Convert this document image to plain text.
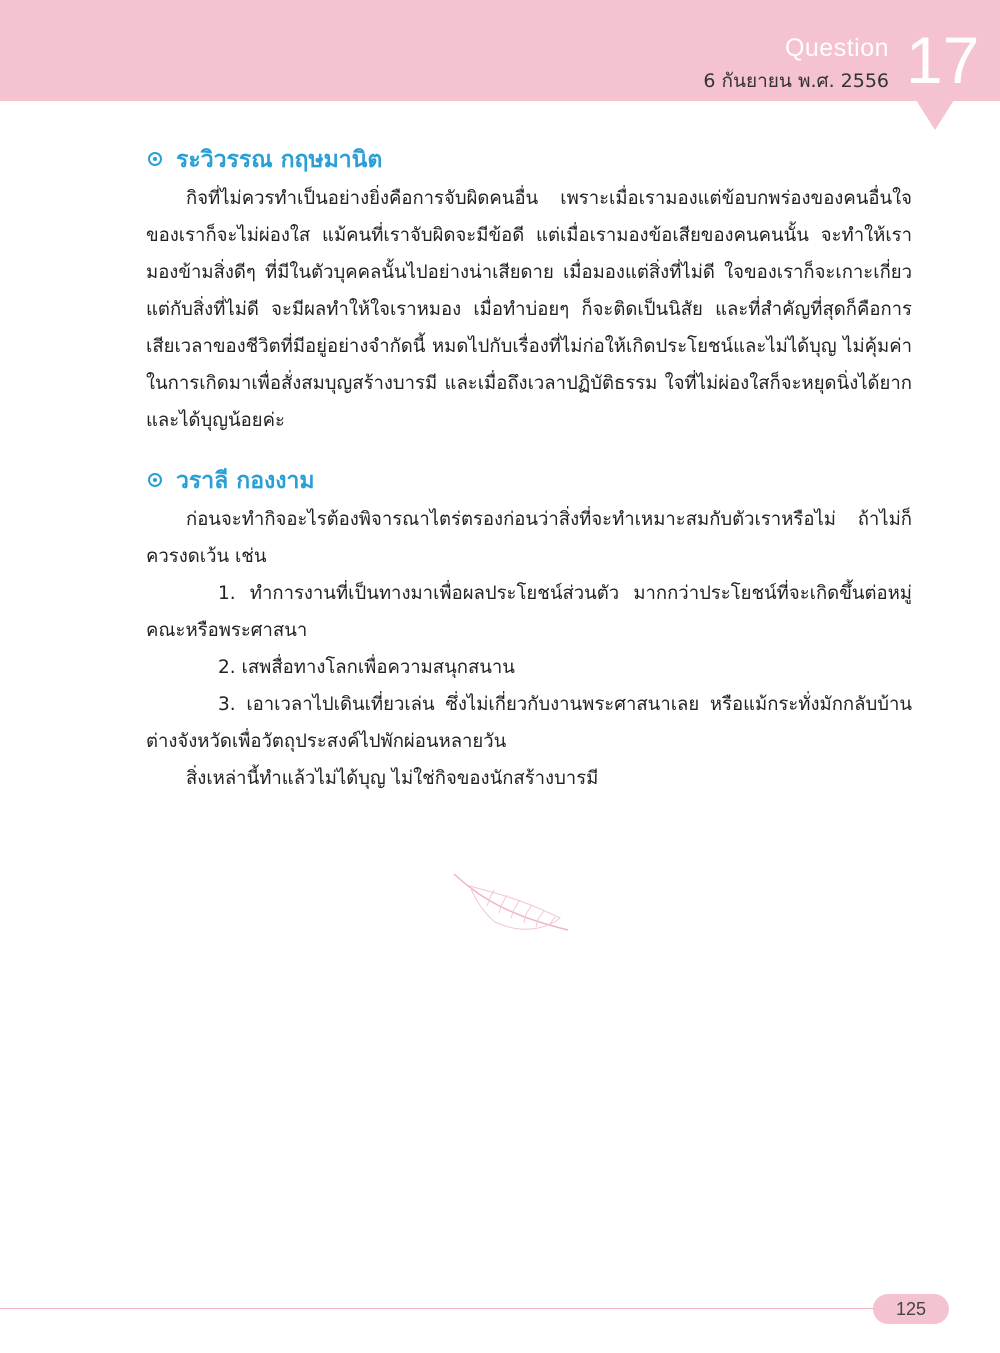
Question
6 กันยายน พ.ศ. 2556 17
ระวิวรรณ กฤษมานิต

กิจที่ไม่ควรทำเป็นอย่างยิ่งคือการจับผิดคนอื่น เพราะเมื่อเรามองแต่ข้อบกพร่องของคนอื่นใจของเราก็จะไม่ผ่องใส แม้คนที่เราจับผิดจะมีข้อดี แต่เมื่อเรามองข้อเสียของคนคนนั้น จะทำให้เรามองข้ามสิ่งดีๆ ที่มีในตัวบุคคลนั้นไปอย่างน่าเสียดาย เมื่อมองแต่สิ่งที่ไม่ดี ใจของเราก็จะเกาะเกี่ยวแต่กับสิ่งที่ไม่ดี จะมีผลทำให้ใจเราหมอง เมื่อทำบ่อยๆ ก็จะติดเป็นนิสัย และที่สำคัญที่สุดก็คือการเสียเวลาของชีวิตที่มีอยู่อย่างจำกัดนี้ หมดไปกับเรื่องที่ไม่ก่อให้เกิดประโยชน์และไม่ได้บุญ ไม่คุ้มค่าในการเกิดมาเพื่อสั่งสมบุญสร้างบารมี และเมื่อถึงเวลาปฏิบัติธรรม ใจที่ไม่ผ่องใสก็จะหยุดนิ่งได้ยาก และได้บุญน้อยค่ะ

วราลี กองงาม

ก่อนจะทำกิจอะไรต้องพิจารณาไตร่ตรองก่อนว่าสิ่งที่จะทำเหมาะสมกับตัวเราหรือไม่ ถ้าไม่ก็ควรงดเว้น เช่น

1. ทำการงานที่เป็นทางมาเพื่อผลประโยชน์ส่วนตัว มากกว่าประโยชน์ที่จะเกิดขึ้นต่อหมู่คณะหรือพระศาสนา

2. เสพสื่อทางโลกเพื่อความสนุกสนาน

3. เอาเวลาไปเดินเที่ยวเล่น ซึ่งไม่เกี่ยวกับงานพระศาสนาเลย หรือแม้กระทั่งมักกลับบ้านต่างจังหวัดเพื่อวัตถุประสงค์ไปพักผ่อนหลายวัน

สิ่งเหล่านี้ทำแล้วไม่ได้บุญ ไม่ใช่กิจของนักสร้างบารมี

125
